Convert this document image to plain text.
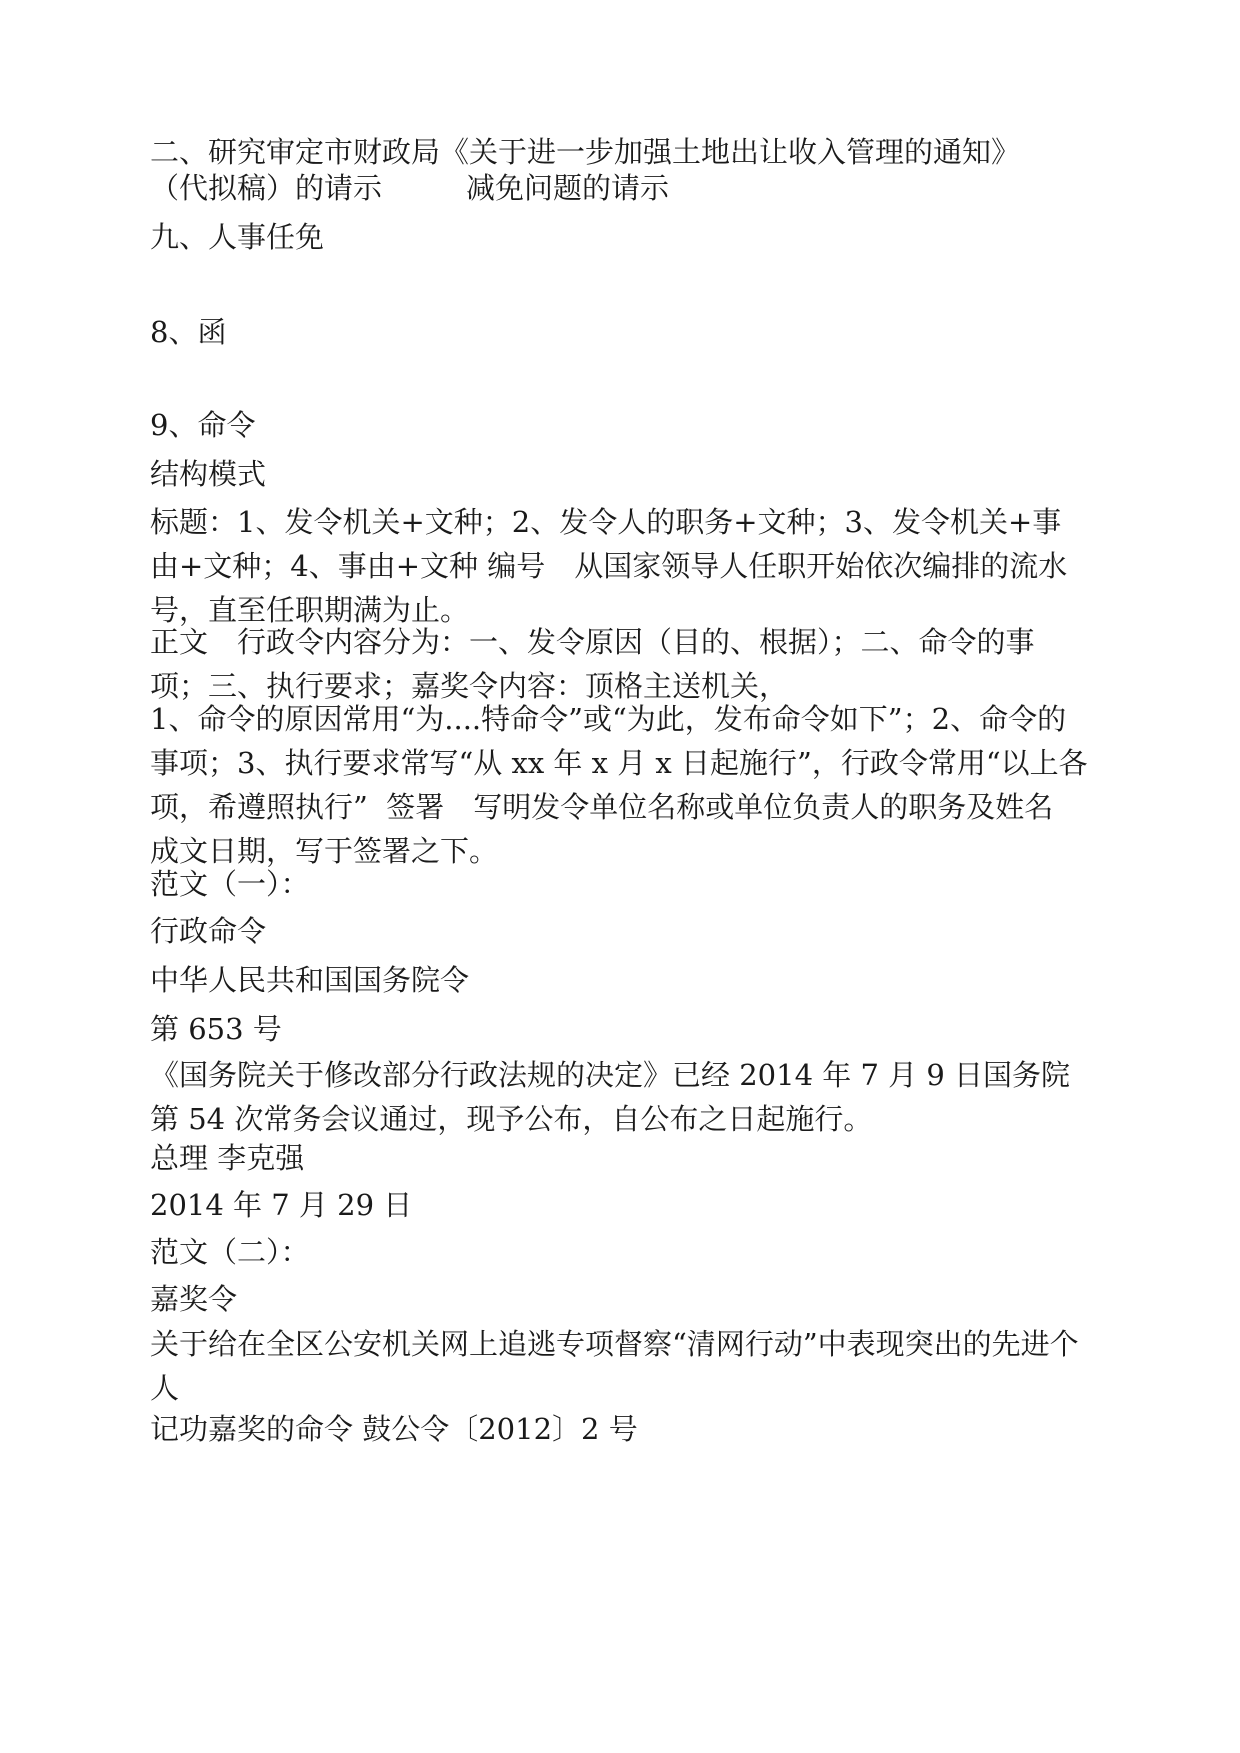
二、研究审定市财政局《关于进一步加强土地出让收入管理的通知》

（代拟稿）的请示	减免问题的请示

九、人事任免

8、函

9、命令

结构模式

标题：1、发令机关+文种；2、发令人的职务+文种；3、发令机关+事由+文种；4、事由+文种 编号　从国家领导人任职开始依次编排的流水号，直至任职期满为止。

正文　行政令内容分为：一、发令原因（目的、根据）；二、命令的事项；三、执行要求；嘉奖令内容：顶格主送机关，

1、命令的原因常用“为....特命令”或“为此，发布命令如下”；2、命令的事项；3、执行要求常写“从 xx 年 x 月 x 日起施行”，行政令常用“以上各项，希遵照执行”  签署　写明发令单位名称或单位负责人的职务及姓名 成文日期，写于签署之下。

范文（一）：

行政命令

中华人民共和国国务院令

第 653 号

《国务院关于修改部分行政法规的决定》已经 2014 年 7 月 9 日国务院第 54 次常务会议通过，现予公布，自公布之日起施行。

总理 李克强

2014 年 7 月 29 日

范文（二）：

嘉奖令

关于给在全区公安机关网上追逃专项督察“清网行动”中表现突出的先进个人

记功嘉奖的命令 鼓公令〔2012〕2 号
